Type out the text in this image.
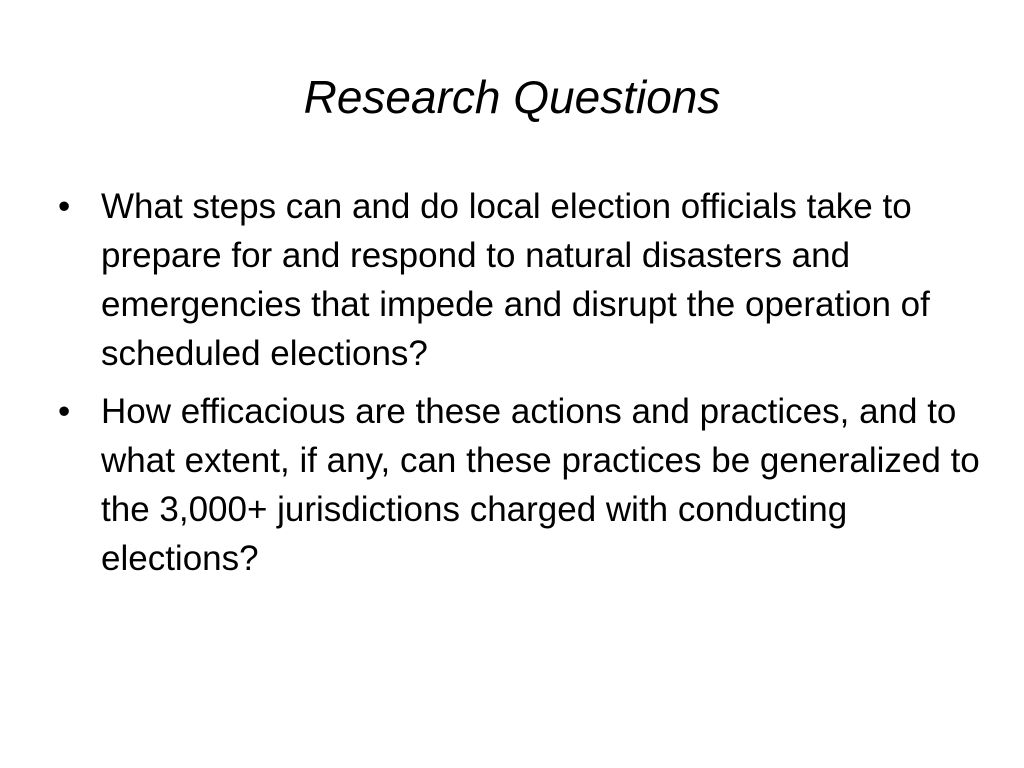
Research Questions
• What steps can and do local election officials take to prepare for and respond to natural disasters and emergencies that impede and disrupt the operation of scheduled elections?
• How efficacious are these actions and practices, and to what extent, if any, can these practices be generalized to the 3,000+ jurisdictions charged with conducting elections?
